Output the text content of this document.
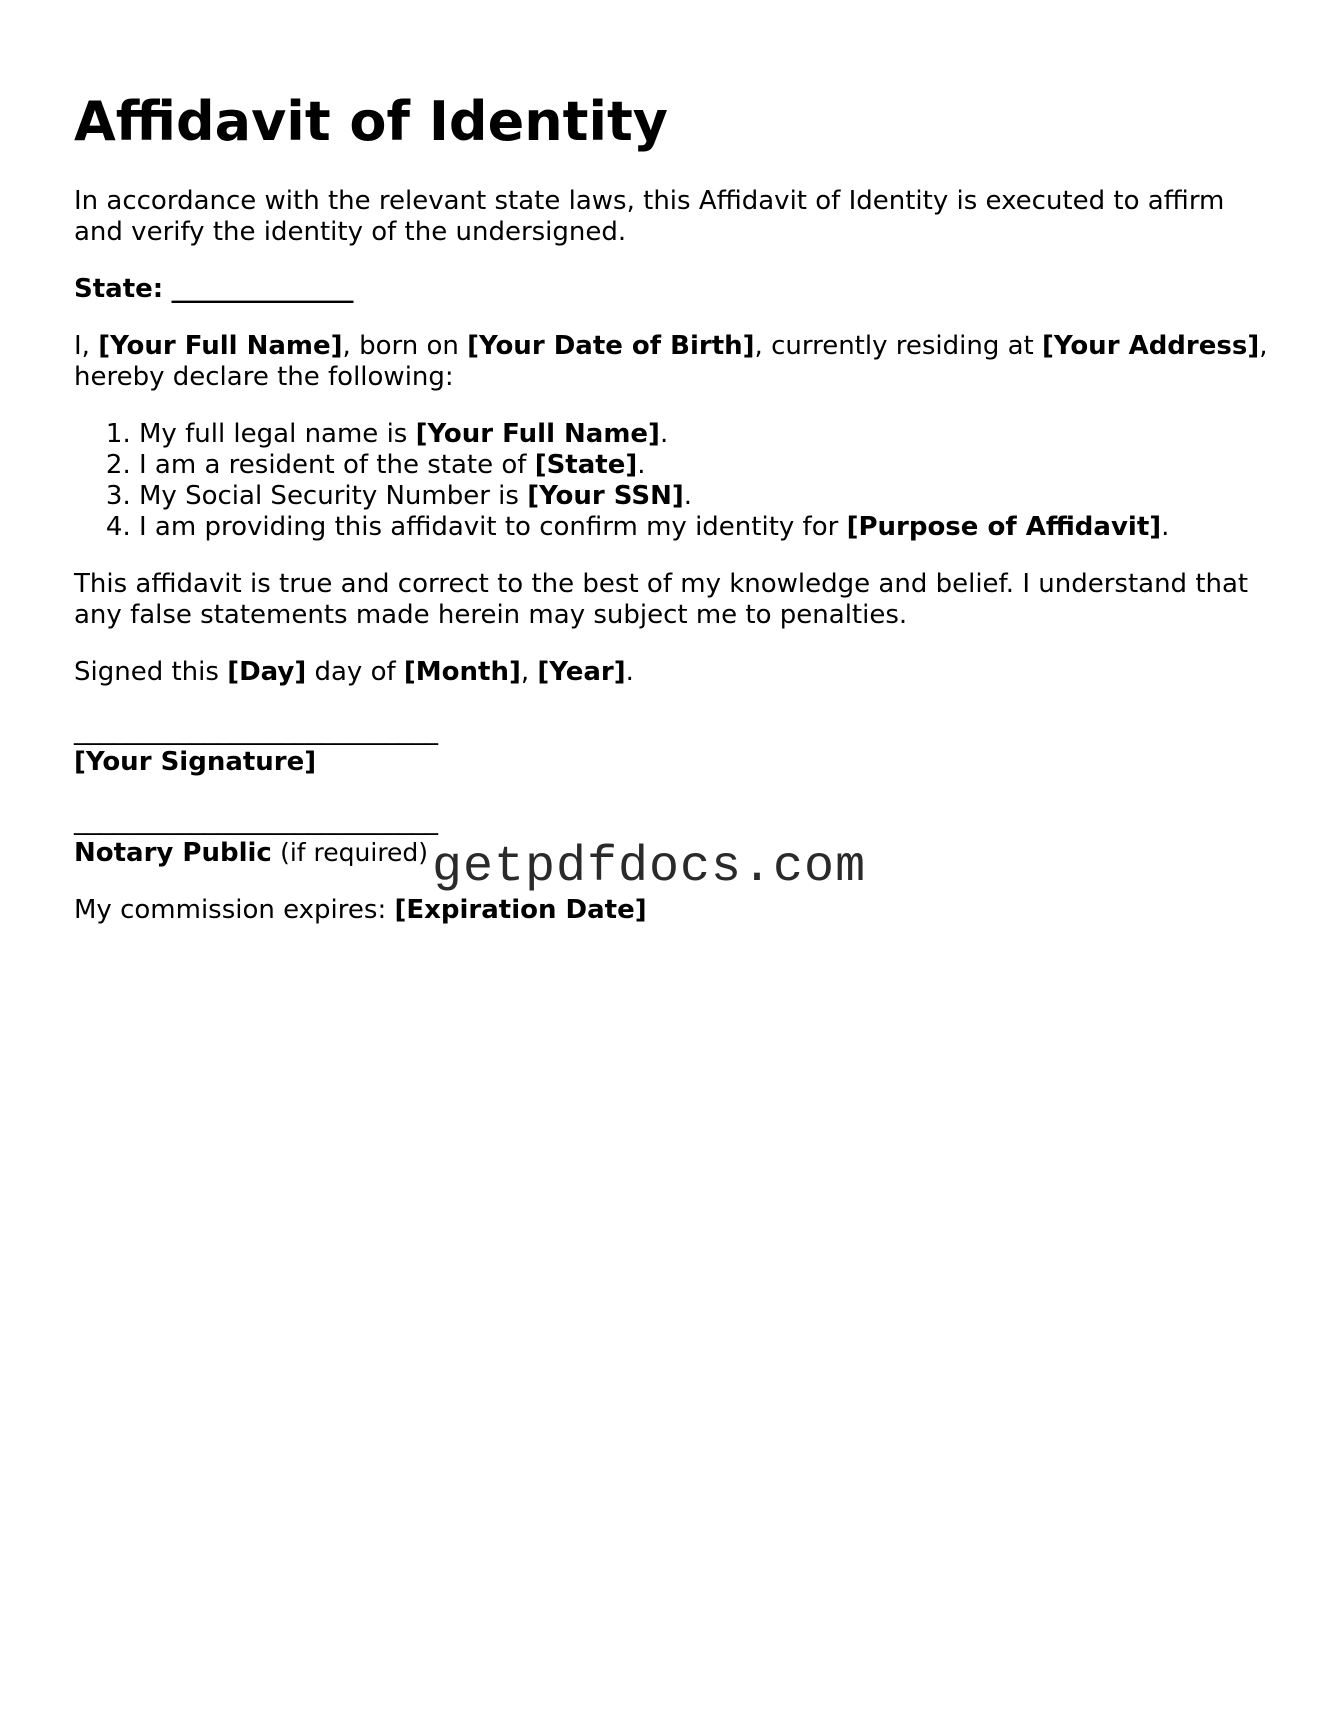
Affidavit of Identity

In accordance with the relevant state laws, this Affidavit of Identity is executed to affirm and verify the identity of the undersigned.

State: ______________

I, [Your Full Name], born on [Your Date of Birth], currently residing at [Your Address], hereby declare the following:

1. My full legal name is [Your Full Name].
2. I am a resident of the state of [State].
3. My Social Security Number is [Your SSN].
4. I am providing this affidavit to confirm my identity for [Purpose of Affidavit].

This affidavit is true and correct to the best of my knowledge and belief. I understand that any false statements made herein may subject me to penalties.

Signed this [Day] day of [Month], [Year].

____________________________
[Your Signature]

____________________________
Notary Public (if required)

My commission expires: [Expiration Date]

getpdfdocs.com
